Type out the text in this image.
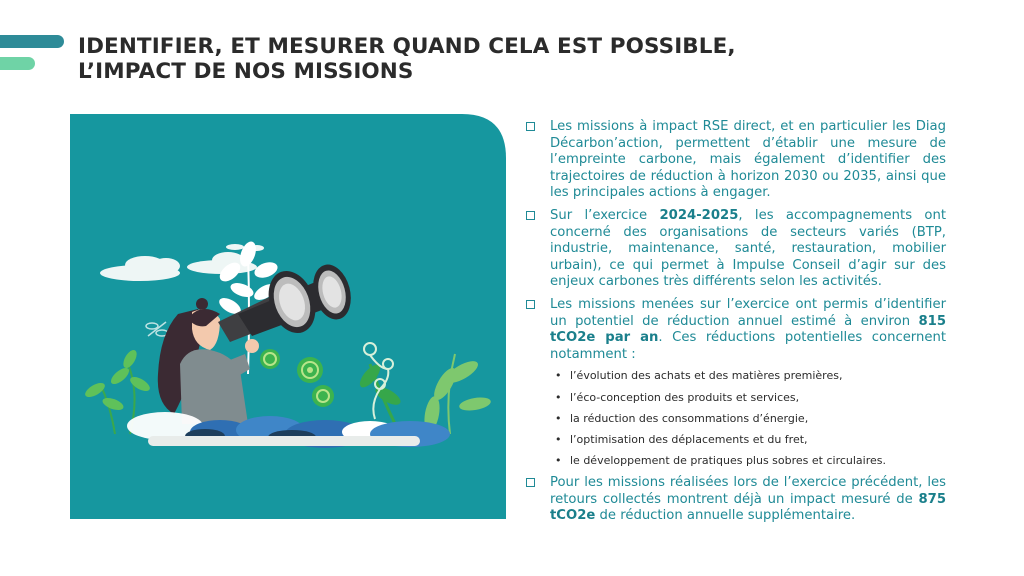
IDENTIFIER, ET MESURER QUAND CELA EST POSSIBLE,
L’IMPACT DE NOS MISSIONS

Les missions à impact RSE direct, et en particulier les Diag Décarbon’action, permettent d’établir une mesure de l’empreinte carbone, mais également d’identifier des trajectoires de réduction à horizon 2030 ou 2035, ainsi que les principales actions à engager.

Sur l’exercice 2024-2025, les accompagnements ont concerné des organisations de secteurs variés (BTP, industrie, maintenance, santé, restauration, mobilier urbain), ce qui permet à Impulse Conseil d’agir sur des enjeux carbones très différents selon les activités.

Les missions menées sur l’exercice ont permis d’identifier un potentiel de réduction annuel estimé à environ 815 tCO2e par an. Ces réductions potentielles concernent notamment :

• l’évolution des achats et des matières premières,
• l’éco-conception des produits et services,
• la réduction des consommations d’énergie,
• l’optimisation des déplacements et du fret,
• le développement de pratiques plus sobres et circulaires.

Pour les missions réalisées lors de l’exercice précédent, les retours collectés montrent déjà un impact mesuré de 875 tCO2e de réduction annuelle supplémentaire.
